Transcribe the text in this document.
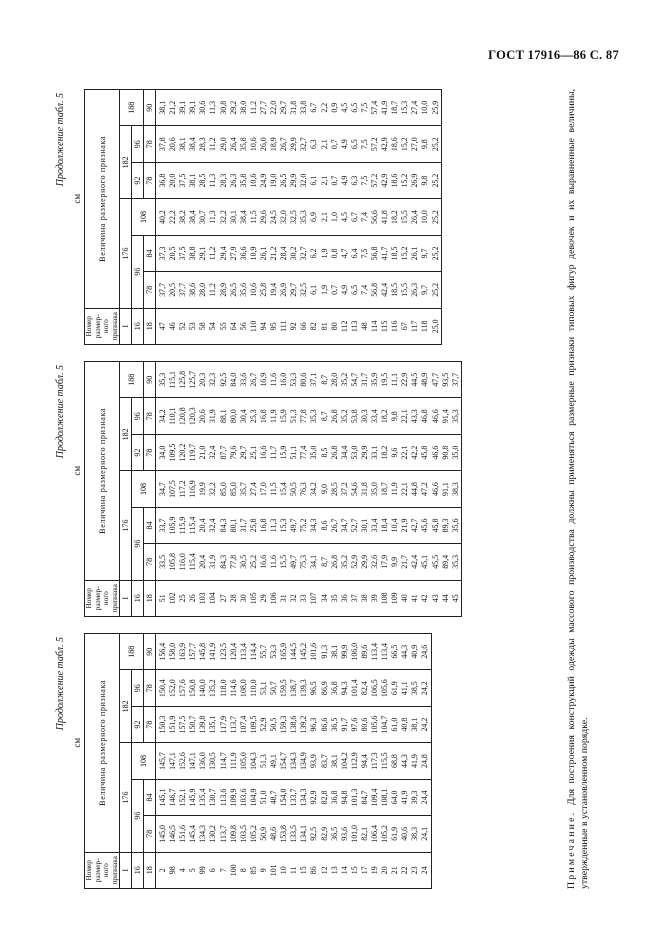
ГОСТ 17916—86 С. 87
Продолжение табл. 5
	см					
Номер размер-ного признака	Величина размерного признака					
I	176			182		188
16	96		108	92	96	
18	78	84		78	78	90
2	145,0	145,1	145,7	150,3	150,4	156,4
98	146,5	146,7	147,1	151,9	152,0	158,0
4	151,6	152,1	152,6	157,5	157,6	163,9
5	145,4	145,9	147,1	150,7	150,8	157,7
99	134,3	135,4	136,0	139,8	140,0	145,8
6	130,2	130,7	130,5	135,1	135,2	141,9
7	113,7	113,6	114,7	117,9	118,0	123,5
100	109,8	109,9	111,9	113,7	114,6	120,4
8	103,5	103,6	105,0	107,4	108,0	113,4
85	105,2	104,9	104,3	109,5	110,0	114,4
9	50,9	51,0	51,3	52,9	53,1	55,7
101	48,6	48,7	49,1	50,5	50,7	53,3
10	153,8	154,0	154,7	159,3	159,5	165,9
11	133,5	133,7	134,3	138,6	138,7	144,5
15	134,1	134,3	134,9	139,2	139,3	145,2
86	92,5	92,9	93,9	96,3	96,5	101,6
12	82,9	82,8	83,7	86,6	86,9	91,3
13	36,5	36,8	38,1	36,5	36,8	38,1
14	93,6	94,8	104,2	91,7	94,3	99,9
15	101,0	101,3	112,9	97,6	101,4	106,0
17	82,1	84,7	94,4	80,6	82,4	89,6
19	106,4	109,4	117,3	105,6	106,5	113,4
20	105,2	108,1	115,5	104,7	105,6	113,4
21	61,9	64,0	68,8	61,0	61,9	66,5
22	40,6	41,9	44,3	40,8	41,1	44,3
23	38,3	39,3	41,9	38,1	38,5	40,9
24	24,1	24,4	24,8	24,2	24,2	24,6
Продолжение табл. 5
	см					
Номер размер-ного признака	Величина размерного признака					
I	176			182		188
16	96		108	92	96	
18	78	84		78	78	90
51	33,5	33,7	34,7	34,0	34,2	35,3
102	105,8	105,9	107,5	109,5	110,1	115,1
25	116,0	115,9	117,2	120,2	120,8	125,8
26	115,4	115,4	116,9	119,7	120,3	125,7
103	20,4	20,4	19,9	21,0	20,6	20,3
104	31,9	32,4	32,2	32,4	31,9	32,3
27	84,3	84,3	85,0	87,7	88,1	92,5
28	77,8	80,1	85,0	79,6	80,0	84,0
30	30,5	31,7	35,7	29,7	30,4	33,6
105	25,2	25,8	27,4	25,1	25,3	26,7
29	16,6	16,8	17,0	16,6	16,8	16,9
106	11,6	11,3	11,5	11,7	11,9	11,6
31	15,5	15,3	15,4	15,9	15,9	16,0
32	49,7	49,7	50,5	51,1	51,3	53,3
33	75,3	75,2	76,3	77,4	77,8	80,6
107	34,1	34,3	34,2	35,0	35,3	37,1
34	8,7	8,6	9,0	8,5	8,7	8,7
35	26,8	26,7	28,5	26,8	26,8	28,0
36	35,2	34,7	37,2	34,4	35,2	35,2
37	52,9	52,7	54,6	53,0	53,8	54,7
38	29,9	30,1	31,8	29,9	30,3	31,7
39	32,6	33,4	35,0	33,1	33,4	35,9
108	17,9	18,4	18,7	18,2	18,2	19,5
109	9,9	10,4	11,9	9,6	9,8	11,1
40	21,7	21,9	22,1	22,1	22,1	22,9
41	42,4	42,7	44,8	42,2	43,3	44,5
42	45,1	45,6	47,2	45,8	46,8	48,9
43	45,5	45,8	46,6	46,6	46,6	47,7
44	89,4	89,3	91,1	90,8	91,4	93,5
45	35,3	35,6	38,3	35,0	35,3	37,7
Продолжение табл. 5
	см					
Номер размер-ного признака	Величина размерного признака					
I	176			182		188
16	96		108	92	96	
18	78	84		78	78	90
47	37,7	37,3	40,2	36,8	37,8	38,1
46	20,5	20,5	22,2	20,0	20,6	21,2
52	37,7	37,5	38,2	37,5	38,1	39,1
53	38,6	38,8	38,4	38,1	38,4	39,1
58	28,0	29,1	30,7	28,5	28,3	30,6
54	11,2	11,2	11,3	11,3	11,2	11,3
55	28,9	29,4	32,2	28,3	29,0	30,8
64	26,5	27,9	30,1	26,3	26,4	29,2
56	35,6	36,6	38,4	35,8	35,8	38,0
110	10,6	10,9	11,5	10,6	10,6	11,2
94	25,8	26,1	29,6	24,9	26,0	27,7
95	19,4	21,2	24,5	19,0	18,9	22,0
111	26,9	28,4	32,0	26,5	26,7	29,7
92	29,7	30,2	32,5	29,9	29,9	31,8
66	32,5	32,7	35,3	32,0	32,7	33,8
82	6,1	6,2	6,9	6,1	6,3	6,7
81	1,9	1,9	2,1	2,1	2,1	2,2
80	0,7	0,8	1,0	0,7	0,7	0,9
112	4,9	4,7	4,5	4,9	4,9	4,5
113	6,5	6,4	6,7	6,3	6,5	6,5
48	7,4	7,5	7,4	7,5	7,5	7,5
114	56,8	56,8	56,6	57,2	57,2	57,4
115	42,4	41,7	41,8	42,9	42,9	41,9
116	18,5	18,5	18,2	18,6	18,6	18,7
67	15,5	15,2	15,5	15,2	15,2	15,3
117	26,3	26,1	26,4	26,9	27,0	27,4
118	9,7	9,7	10,0	9,8	9,8	10,0
25,0	25,2	25,2	25,2	25,2	25,2	25,9
Примечание. Для построения конструкций одежды массового производства должны применяться размерные признаки типовых фигур девочек и их выравненные величины, утвержденные в установленном порядке.
